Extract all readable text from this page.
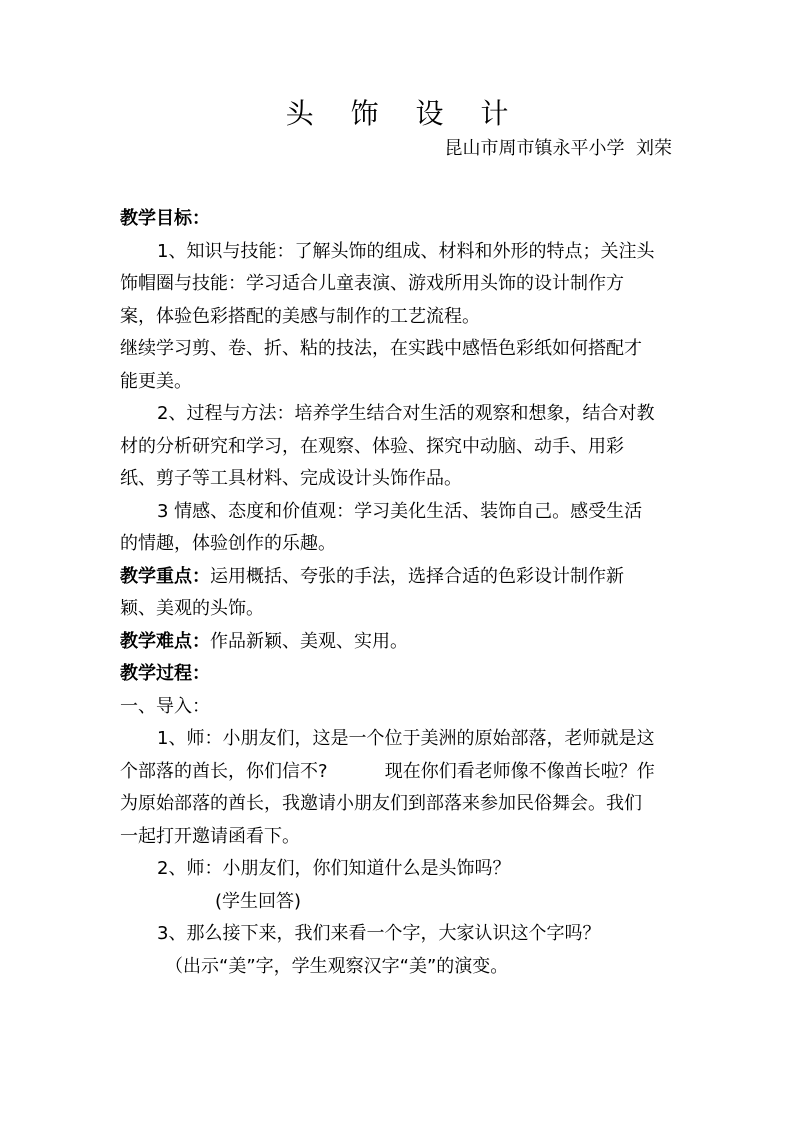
头 饰 设 计
昆山市周市镇永平小学  刘荣

教学目标：

1、知识与技能：了解头饰的组成、材料和外形的特点；关注头

饰帽圈与技能：学习适合儿童表演、游戏所用头饰的设计制作方

案，体验色彩搭配的美感与制作的工艺流程。

继续学习剪、卷、折、粘的技法，在实践中感悟色彩纸如何搭配才

能更美。

2、过程与方法：培养学生结合对生活的观察和想象，结合对教

材的分析研究和学习，在观察、体验、探究中动脑、动手、用彩

纸、剪子等工具材料、完成设计头饰作品。

3 情感、态度和价值观：学习美化生活、装饰自己。感受生活

的情趣，体验创作的乐趣。

教学重点：运用概括、夸张的手法，选择合适的色彩设计制作新

颖、美观的头饰。

教学难点：作品新颖、美观、实用。

教学过程：

一、导入：

1、师：小朋友们，这是一个位于美洲的原始部落，老师就是这

个部落的酋长，你们信不?          现在你们看老师像不像酋长啦？作

为原始部落的酋长，我邀请小朋友们到部落来参加民俗舞会。我们

一起打开邀请函看下。

2、师：小朋友们，你们知道什么是头饰吗？

(学生回答)

3、那么接下来，我们来看一个字，大家认识这个字吗？

（出示“美”字，学生观察汉字“美”的演变。
